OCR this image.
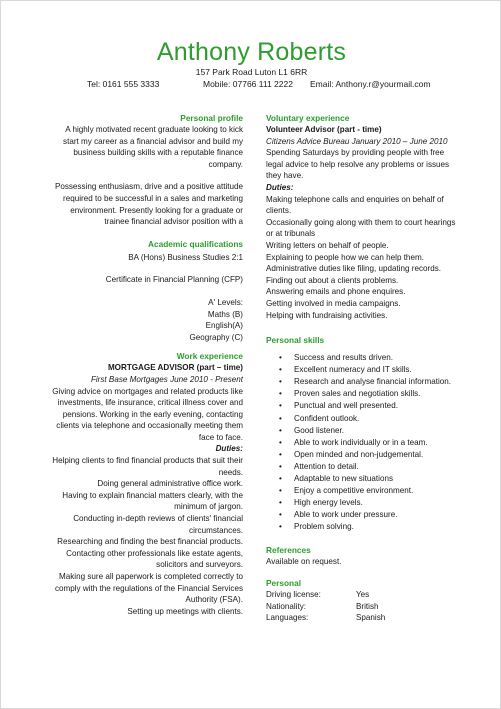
Anthony Roberts
157 Park Road Luton L1 6RR
Tel: 0161 555 3333	Mobile: 07766 111 2222 Email: Anthony.r@yourmail.com

Personal profile

A highly motivated recent graduate looking to kick

start my career as a financial advisor and build my

business building skills with a reputable finance

company.

Possessing enthusiasm, drive and a positive attitude

required to be successful in a sales and marketing

environment. Presently looking for a graduate or

trainee financial advisor position with a

Academic qualifications

BA (Hons) Business Studies 2:1

Certificate in Financial Planning (CFP)

A' Levels:

Maths (B)

English(A)

Geography (C)

Work experience

MORTGAGE ADVISOR (part – time)

First Base Mortgages June 2010 - Present

Giving advice on mortgages and related products like

investments, life insurance, critical illness cover and

pensions. Working in the early evening, contacting

clients via telephone and occasionally meeting them

face to face.

Duties:

Helping clients to find financial products that suit their

needs.

Doing general administrative office work.

Having to explain financial matters clearly, with the

minimum of jargon.

Conducting in-depth reviews of clients' financial

circumstances.

Researching and finding the best financial products.

Contacting other professionals like estate agents,

solicitors and surveyors.

Making sure all paperwork is completed correctly to

comply with the regulations of the Financial Services

Authority (FSA).

Setting up meetings with clients.

Voluntary experience

Volunteer Advisor (part - time)

Citizens Advice Bureau January 2010 – June 2010

Spending Saturdays by providing people with free

legal advice to help resolve any problems or issues

they have.

Duties:

Making telephone calls and enquiries on behalf of

clients.

Occasionally going along with them to court hearings

or at tribunals

Writing letters on behalf of people.

Explaining to people how we can help them.

Administrative duties like filing, updating records.

Finding out about a clients problems.

Answering emails and phone enquires.

Getting involved in media campaigns.

Helping with fundraising activities.

Personal skills

• Success and results driven.
• Excellent numeracy and IT skills.
• Research and analyse financial information.
• Proven sales and negotiation skills.
• Punctual and well presented.
• Confident outlook.
• Good listener.
• Able to work individually or in a team.
• Open minded and non-judgemental.
• Attention to detail.
• Adaptable to new situations
• Enjoy a competitive environment.
• High energy levels.
• Able to work under pressure.
• Problem solving.

References

Available on request.

Personal

Driving license:	Yes
Nationality:	British
Languages:	Spanish
